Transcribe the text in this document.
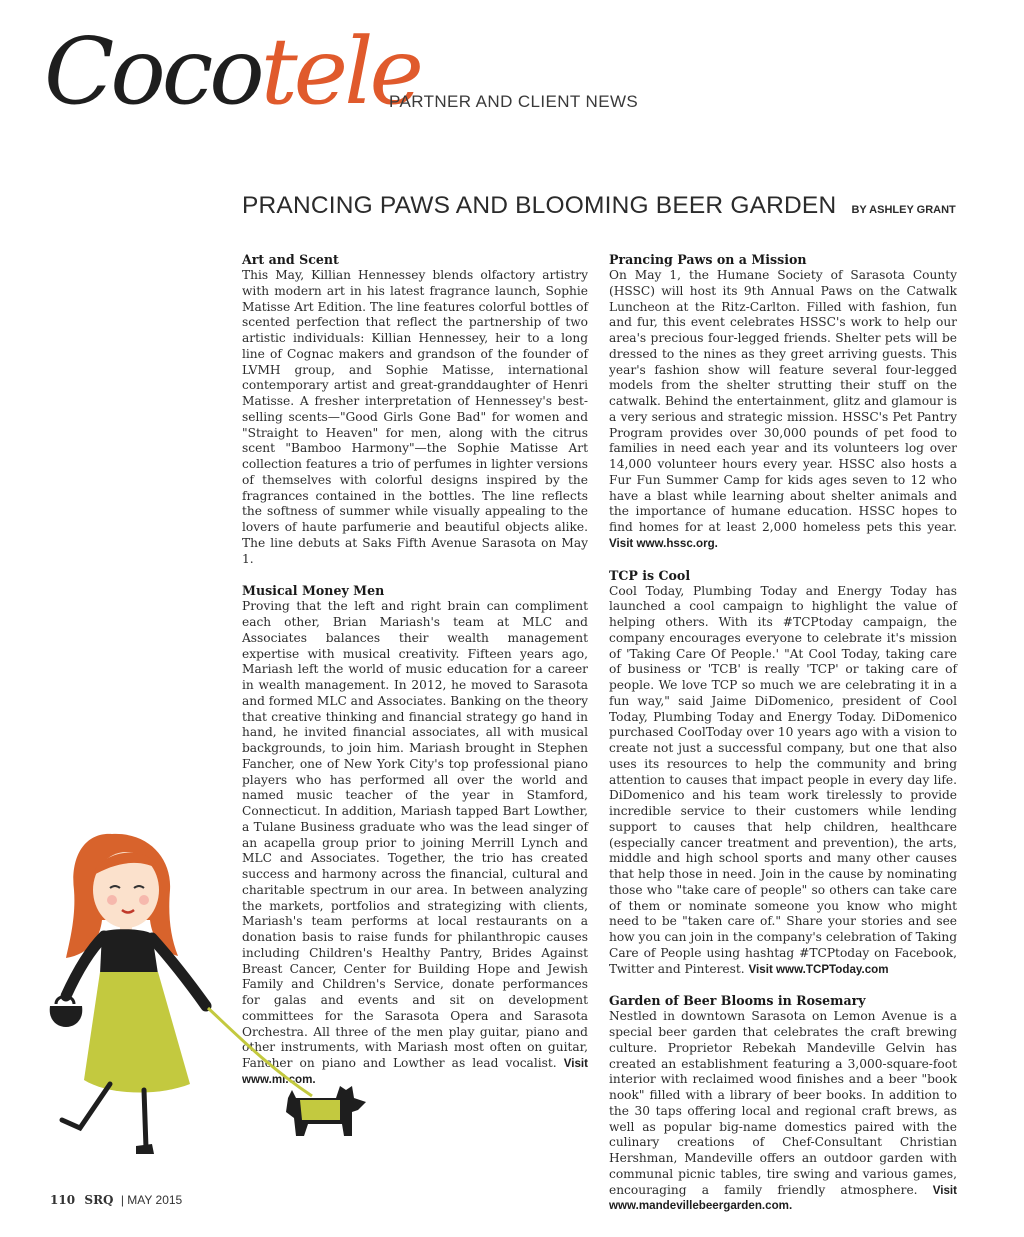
Cocotele
PARTNER AND CLIENT NEWS
PRANCING PAWS AND BLOOMING BEER GARDEN BY ASHLEY GRANT
Art and Scent

This May, Killian Hennessey blends olfactory artistry with modern art in his latest fragrance launch, Sophie Matisse Art Edition. The line features colorful bottles of scented perfection that reflect the partnership of two artistic individuals: Killian Hennessey, heir to a long line of Cognac makers and grandson of the founder of LVMH group, and Sophie Matisse, international contemporary artist and great-granddaughter of Henri Matisse. A fresher interpretation of Hennessey's best-selling scents—"Good Girls Gone Bad" for women and "Straight to Heaven" for men, along with the citrus scent "Bamboo Harmony"—the Sophie Matisse Art collection features a trio of perfumes in lighter versions of themselves with colorful designs inspired by the fragrances contained in the bottles. The line reflects the softness of summer while visually appealing to the lovers of haute parfumerie and beautiful objects alike. The line debuts at Saks Fifth Avenue Sarasota on May 1.

Musical Money Men

Proving that the left and right brain can compliment each other, Brian Mariash's team at MLC and Associates balances their wealth management expertise with musical creativity. Fifteen years ago, Mariash left the world of music education for a career in wealth management. In 2012, he moved to Sarasota and formed MLC and Associates. Banking on the theory that creative thinking and financial strategy go hand in hand, he invited financial associates, all with musical backgrounds, to join him. Mariash brought in Stephen Fancher, one of New York City's top professional piano players who has performed all over the world and named music teacher of the year in Stamford, Connecticut. In addition, Mariash tapped Bart Lowther, a Tulane Business graduate who was the lead singer of an acapella group prior to joining Merrill Lynch and MLC and Associates. Together, the trio has created success and harmony across the financial, cultural and charitable spectrum in our area. In between analyzing the markets, portfolios and strategizing with clients, Mariash's team performs at local restaurants on a donation basis to raise funds for philanthropic causes including Children's Healthy Pantry, Brides Against Breast Cancer, Center for Building Hope and Jewish Family and Children's Service, donate performances for galas and events and sit on development committees for the Sarasota Opera and Sarasota Orchestra. All three of the men play guitar, piano and other instruments, with Mariash most often on guitar, Fancher on piano and Lowther as lead vocalist. Visit www.ml.com.

Prancing Paws on a Mission

On May 1, the Humane Society of Sarasota County (HSSC) will host its 9th Annual Paws on the Catwalk Luncheon at the Ritz-Carlton. Filled with fashion, fun and fur, this event celebrates HSSC's work to help our area's precious four-legged friends. Shelter pets will be dressed to the nines as they greet arriving guests. This year's fashion show will feature several four-legged models from the shelter strutting their stuff on the catwalk. Behind the entertainment, glitz and glamour is a very serious and strategic mission. HSSC's Pet Pantry Program provides over 30,000 pounds of pet food to families in need each year and its volunteers log over 14,000 volunteer hours every year. HSSC also hosts a Fur Fun Summer Camp for kids ages seven to 12 who have a blast while learning about shelter animals and the importance of humane education. HSSC hopes to find homes for at least 2,000 homeless pets this year. Visit www.hssc.org.

TCP is Cool

Cool Today, Plumbing Today and Energy Today has launched a cool campaign to highlight the value of helping others. With its #TCPtoday campaign, the company encourages everyone to celebrate it's mission of 'Taking Care Of People.' "At Cool Today, taking care of business or 'TCB' is really 'TCP' or taking care of people. We love TCP so much we are celebrating it in a fun way," said Jaime DiDomenico, president of Cool Today, Plumbing Today and Energy Today. DiDomenico purchased CoolToday over 10 years ago with a vision to create not just a successful company, but one that also uses its resources to help the community and bring attention to causes that impact people in every day life. DiDomenico and his team work tirelessly to provide incredible service to their customers while lending support to causes that help children, healthcare (especially cancer treatment and prevention), the arts, middle and high school sports and many other causes that help those in need. Join in the cause by nominating those who "take care of people" so others can take care of them or nominate someone you know who might need to be "taken care of." Share your stories and see how you can join in the company's celebration of Taking Care of People using hashtag #TCPtoday on Facebook, Twitter and Pinterest. Visit www.TCPToday.com

Garden of Beer Blooms in Rosemary

Nestled in downtown Sarasota on Lemon Avenue is a special beer garden that celebrates the craft brewing culture. Proprietor Rebekah Mandeville Gelvin has created an establishment featuring a 3,000-square-foot interior with reclaimed wood finishes and a beer "book nook" filled with a library of beer books. In addition to the 30 taps offering local and regional craft brews, as well as popular big-name domestics paired with the culinary creations of Chef-Consultant Christian Hershman, Mandeville offers an outdoor garden with communal picnic tables, tire swing and various games, encouraging a family friendly atmosphere. Visit www.mandevillebeergarden.com.

110 SRQ | MAY 2015
